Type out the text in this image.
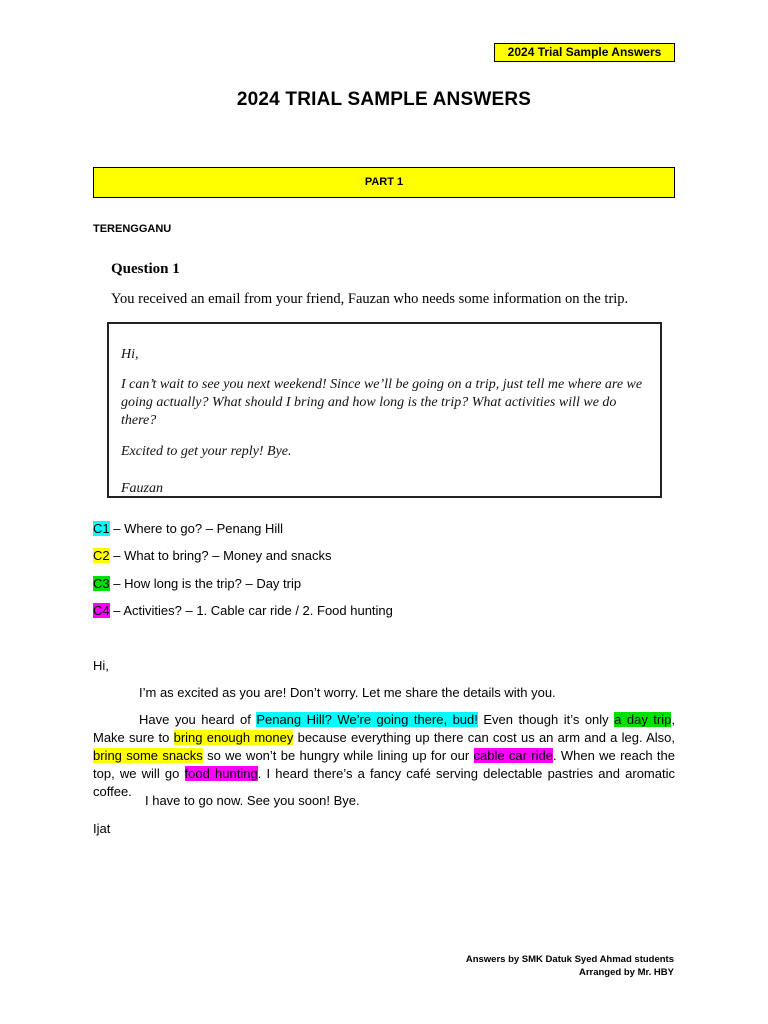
2024 Trial Sample Answers
2024 TRIAL SAMPLE ANSWERS
PART 1
TERENGGANU
Question 1
You received an email from your friend, Fauzan who needs some information on the trip.

Hi,

I can’t wait to see you next weekend! Since we’ll be going on a trip, just tell me where are we going actually? What should I bring and how long is the trip? What activities will we do there?

Excited to get your reply! Bye.

Fauzan

C1 – Where to go? – Penang Hill
C2 – What to bring? – Money and snacks
C3 – How long is the trip? – Day trip
C4 – Activities? – 1. Cable car ride / 2. Food hunting
Hi,
I’m as excited as you are! Don’t worry. Let me share the details with you.
Have you heard of Penang Hill? We’re going there, bud! Even though it’s only a day trip, Make sure to bring enough money because everything up there can cost us an arm and a leg. Also, bring some snacks so we won’t be hungry while lining up for our cable car ride. When we reach the top, we will go food hunting. I heard there’s a fancy café serving delectable pastries and aromatic coffee.
I have to go now. See you soon! Bye.
Ijat
Answers by SMK Datuk Syed Ahmad students
Arranged by Mr. HBY
